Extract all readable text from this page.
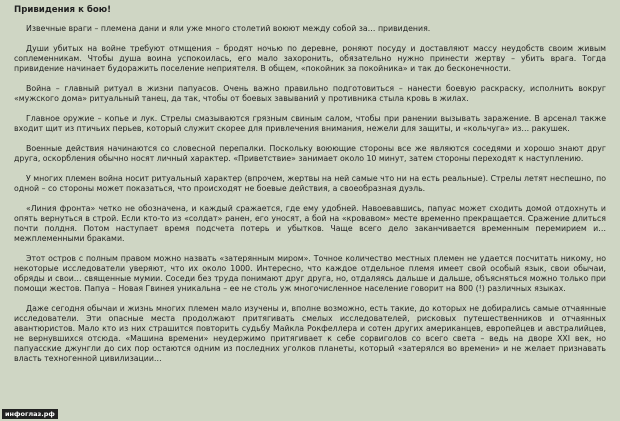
Привидения к бою!

Извечные враги – племена дани и яли уже много столетий воюют между собой за… привидения.

Души убитых на войне требуют отмщения – бродят ночью по деревне, роняют посуду и доставляют массу неудобств своим живым соплеменникам. Чтобы душа воина успокоилась, его мало захоронить, обязательно нужно принести жертву – убить врага. Тогда привидение начинает будоражить поселение неприятеля. В общем, «покойник за покойника» и так до бесконечности.

Война – главный ритуал в жизни папуасов. Очень важно правильно подготовиться – нанести боевую раскраску, исполнить вокруг «мужского дома» ритуальный танец, да так, чтобы от боевых завываний у противника стыла кровь в жилах.

Главное оружие – копье и лук. Стрелы смазываются грязным свиным салом, чтобы при ранении вызывать заражение. В арсенал также входит щит из птичьих перьев, который служит скорее для привлечения внимания, нежели для защиты, и «кольчуга» из… ракушек.

Военные действия начинаются со словесной перепалки. Поскольку воюющие стороны все же являются соседями и хорошо знают друг друга, оскорбления обычно носят личный характер. «Приветствие» занимает около 10 минут, затем стороны переходят к наступлению.

У многих племен война носит ритуальный характер (впрочем, жертвы на ней самые что ни на есть реальные). Стрелы летят неспешно, по одной – со стороны может показаться, что происходят не боевые действия, а своеобразная дуэль.

«Линия фронта» четко не обозначена, и каждый сражается, где ему удобней. Навоевавшись, папуас может сходить домой отдохнуть и опять вернуться в строй. Если кто-то из «солдат» ранен, его уносят, а бой на «кровавом» месте временно прекращается. Сражение длиться почти полдня. Потом наступает время подсчета потерь и убытков. Чаще всего дело заканчивается временным перемирием и… межплеменными браками.

Этот остров с полным правом можно назвать «затерянным миром». Точное количество местных племен не удается посчитать никому, но некоторые исследователи уверяют, что их около 1000. Интересно, что каждое отдельное племя имеет свой особый язык, свои обычаи, обряды и свои… священные мумии. Соседи без труда понимают друг друга, но, отдаляясь дальше и дальше, объясняться можно только при помощи жестов. Папуа – Новая Гвинея уникальна – ее не столь уж многочисленное население говорит на 800 (!) различных языках.

Даже сегодня обычаи и жизнь многих племен мало изучены и, вполне возможно, есть такие, до которых не добирались самые отчаянные исследователи. Эти опасные места продолжают притягивать смелых исследователей, рисковых путешественников и отчаянных авантюристов. Мало кто из них страшится повторить судьбу Майкла Рокфеллера и сотен других американцев, европейцев и австралийцев, не вернувшихся отсюда. «Машина времени» неудержимо притягивает к себе сорвиголов со всего света – ведь на дворе XXI век, но папуасские джунгли до сих пор остаются одним из последних уголков планеты, который «затерялся во времени» и не желает признавать власть техногенной цивилизации…

инфоглаз.рф
